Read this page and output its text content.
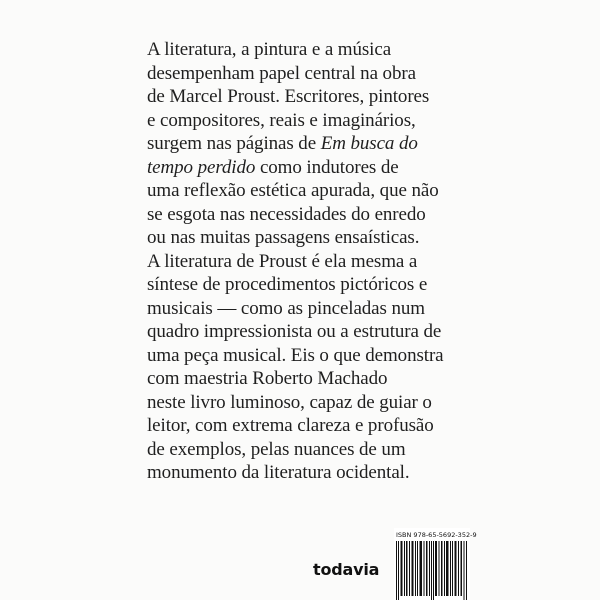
A literatura, a pintura e a música
desempenham papel central na obra
de Marcel Proust. Escritores, pintores
e compositores, reais e imaginários,
surgem nas páginas de Em busca do
tempo perdido como indutores de
uma reflexão estética apurada, que não
se esgota nas necessidades do enredo
ou nas muitas passagens ensaísticas.
A literatura de Proust é ela mesma a
síntese de procedimentos pictóricos e
musicais — como as pinceladas num
quadro impressionista ou a estrutura de
uma peça musical. Eis o que demonstra
com maestria Roberto Machado
neste livro luminoso, capaz de guiar o
leitor, com extrema clareza e profusão
de exemplos, pelas nuances de um
monumento da literatura ocidental.
todavia
ISBN 978-65-5692-352-9
